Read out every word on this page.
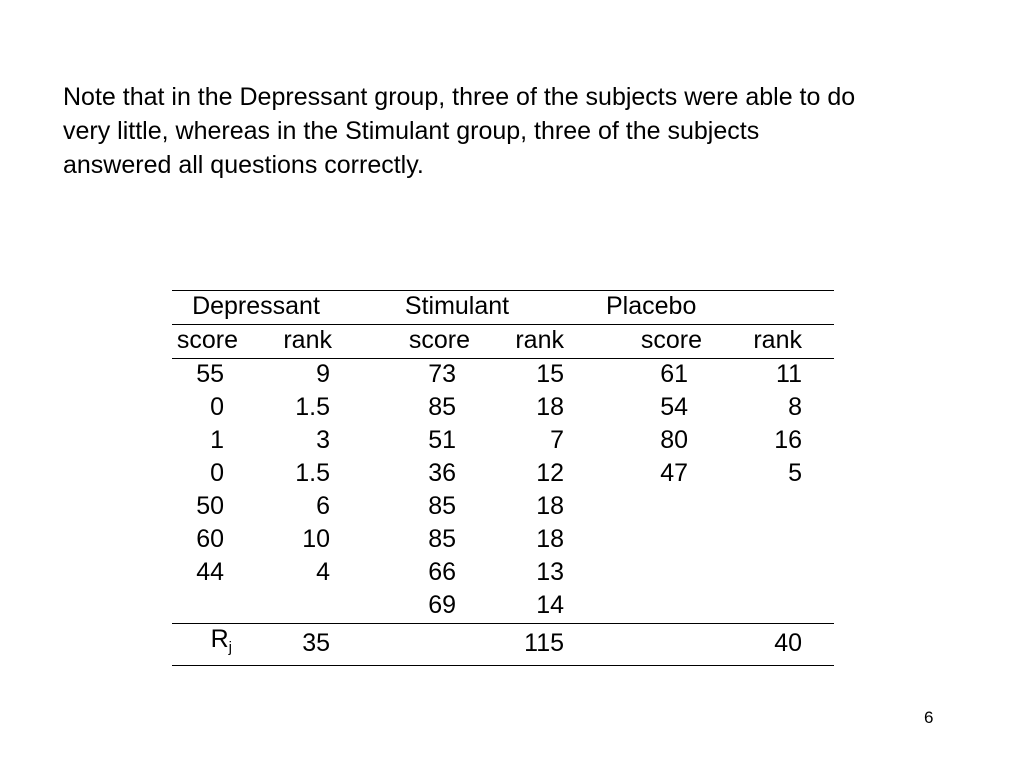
Note that in the Depressant group, three of the subjects were able to do

very little, whereas in the Stimulant group, three of the subjects

answered all questions correctly.

Depressant		Stimulant		Placebo		
score	rank	score	rank	score	rank	
55	9	73	15	61	11	
0	1.5	85	18	54	8	
1	3	51	7	80	16	
0	1.5	36	12	47	5	
50	6	85	18			
60	10	85	18			
44	4	66	13			
		69	14			
$R_j$	35		115		40	
6
